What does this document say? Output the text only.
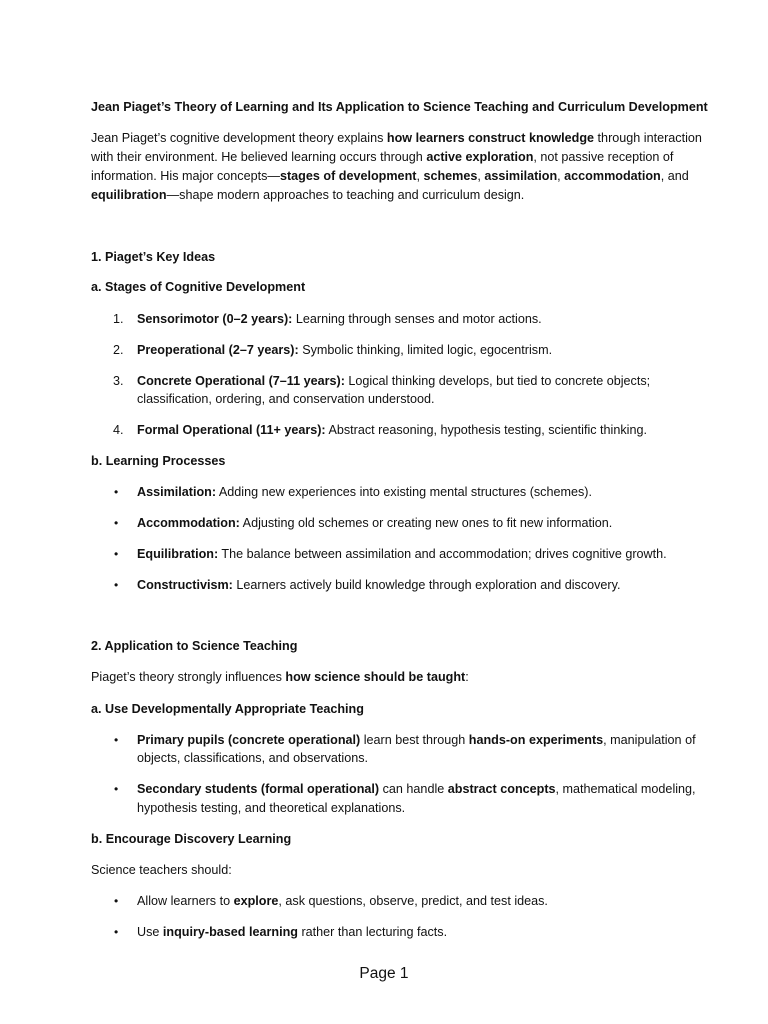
Jean Piaget’s Theory of Learning and Its Application to Science Teaching and Curriculum Development

Jean Piaget’s cognitive development theory explains how learners construct knowledge through interaction

with their environment. He believed learning occurs through active exploration, not passive reception of

information. His major concepts—stages of development, schemes, assimilation, accommodation, and

equilibration—shape modern approaches to teaching and curriculum design.

1. Piaget’s Key Ideas

a. Stages of Cognitive Development

1. Sensorimotor (0–2 years): Learning through senses and motor actions.

2. Preoperational (2–7 years): Symbolic thinking, limited logic, egocentrism.

3. Concrete Operational (7–11 years): Logical thinking develops, but tied to concrete objects;

classification, ordering, and conservation understood.

4. Formal Operational (11+ years): Abstract reasoning, hypothesis testing, scientific thinking.

b. Learning Processes

• Assimilation: Adding new experiences into existing mental structures (schemes).

• Accommodation: Adjusting old schemes or creating new ones to fit new information.

• Equilibration: The balance between assimilation and accommodation; drives cognitive growth.

• Constructivism: Learners actively build knowledge through exploration and discovery.

2. Application to Science Teaching

Piaget’s theory strongly influences how science should be taught:

a. Use Developmentally Appropriate Teaching

• Primary pupils (concrete operational) learn best through hands-on experiments, manipulation of

objects, classifications, and observations.

• Secondary students (formal operational) can handle abstract concepts, mathematical modeling,

hypothesis testing, and theoretical explanations.

b. Encourage Discovery Learning

Science teachers should:

• Allow learners to explore, ask questions, observe, predict, and test ideas.

• Use inquiry-based learning rather than lecturing facts.

Page 1
